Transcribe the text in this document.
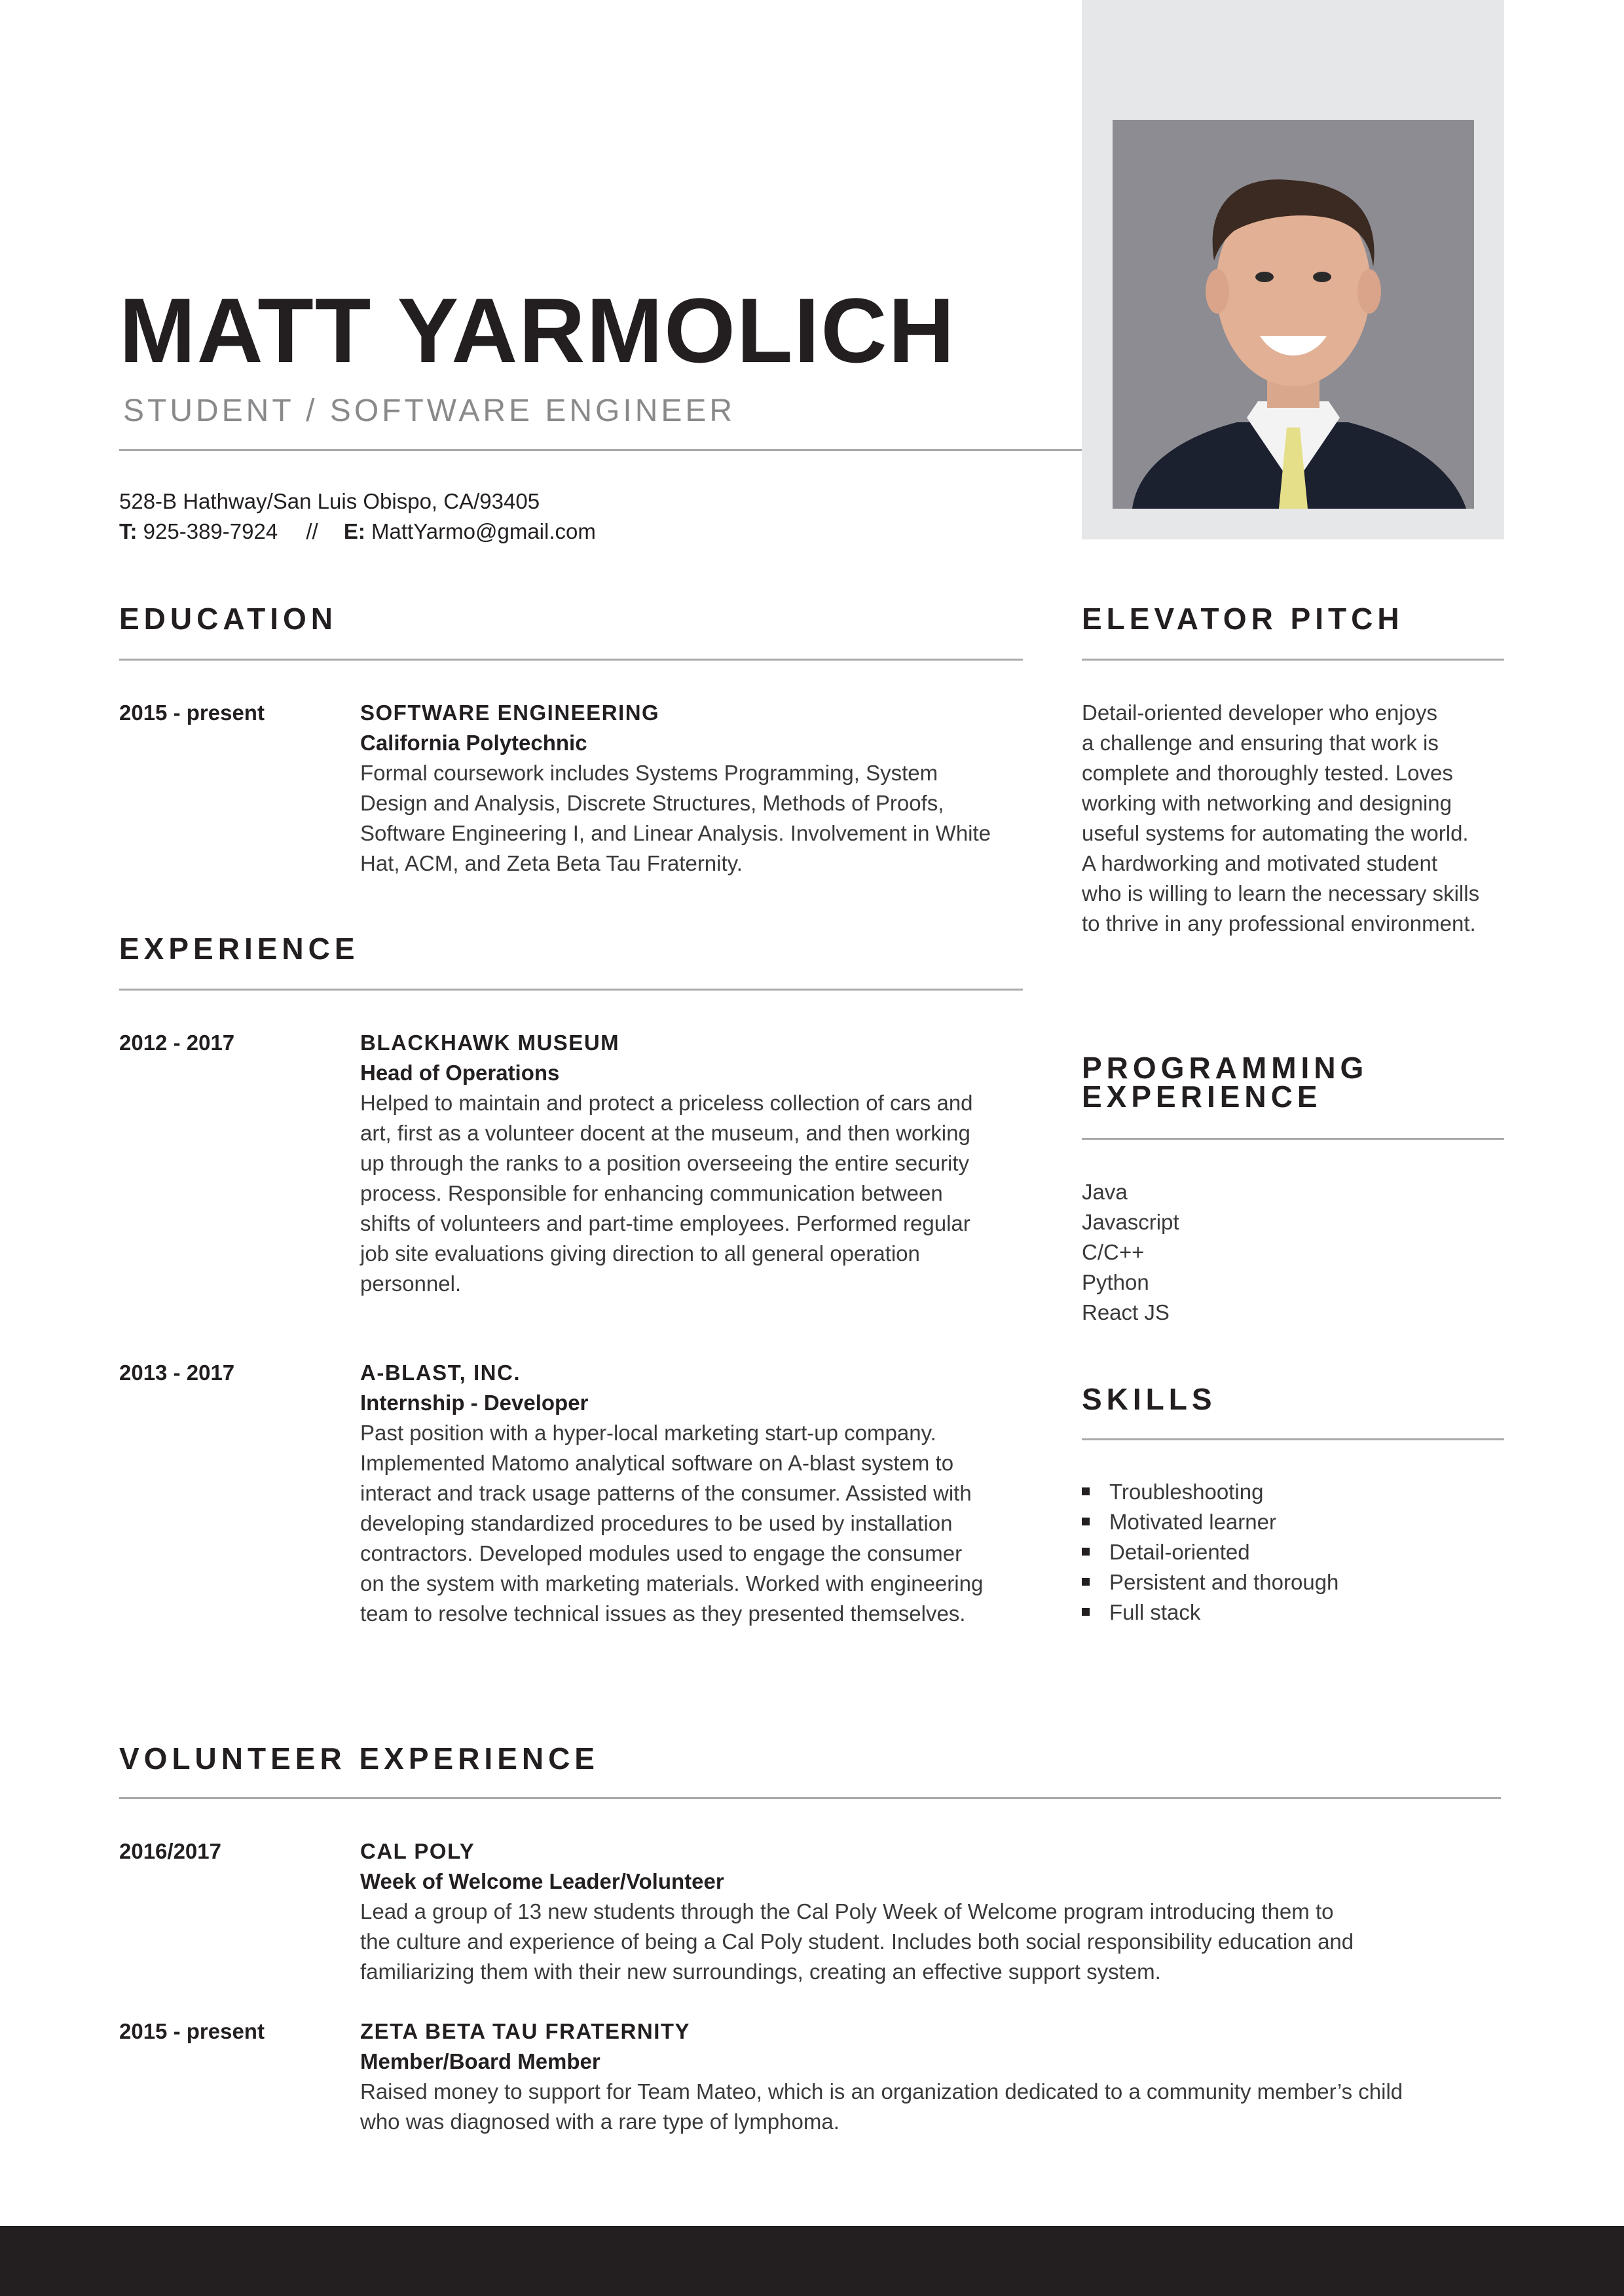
MATT YARMOLICH
STUDENT / SOFTWARE ENGINEER
528-B Hathway/San Luis Obispo, CA/93405
T: 925-389-7924 // E: MattYarmo@gmail.com
EDUCATION
2015 - present	SOFTWARE ENGINEERING
California Polytechnic
Formal coursework includes Systems Programming, System
Design and Analysis, Discrete Structures, Methods of Proofs,
Software Engineering I, and Linear Analysis. Involvement in White
Hat, ACM, and Zeta Beta Tau Fraternity.
EXPERIENCE
2012 - 2017	BLACKHAWK MUSEUM
Head of Operations
Helped to maintain and protect a priceless collection of cars and
art, first as a volunteer docent at the museum, and then working
up through the ranks to a position overseeing the entire security
process. Responsible for enhancing communication between
shifts of volunteers and part-time employees. Performed regular
job site evaluations giving direction to all general operation
personnel.
2013 - 2017	A-BLAST, INC.
Internship - Developer
Past position with a hyper-local marketing start-up company.
Implemented Matomo analytical software on A-blast system to
interact and track usage patterns of the consumer. Assisted with
developing standardized procedures to be used by installation
contractors. Developed modules used to engage the consumer
on the system with marketing materials. Worked with engineering
team to resolve technical issues as they presented themselves.
ELEVATOR PITCH
Detail-oriented developer who enjoys
a challenge and ensuring that work is
complete and thoroughly tested. Loves
working with networking and designing
useful systems for automating the world.
A hardworking and motivated student
who is willing to learn the necessary skills
to thrive in any professional environment.
PROGRAMMING
EXPERIENCE
Java
Javascript
C/C++
Python
React JS
SKILLS
Troubleshooting
Motivated learner
Detail-oriented
Persistent and thorough
Full stack
VOLUNTEER EXPERIENCE
2016/2017	CAL POLY
Week of Welcome Leader/Volunteer
Lead a group of 13 new students through the Cal Poly Week of Welcome program introducing them to
the culture and experience of being a Cal Poly student. Includes both social responsibility education and
familiarizing them with their new surroundings, creating an effective support system.
2015 - present	ZETA BETA TAU FRATERNITY
Member/Board Member
Raised money to support for Team Mateo, which is an organization dedicated to a community member’s child
who was diagnosed with a rare type of lymphoma.
